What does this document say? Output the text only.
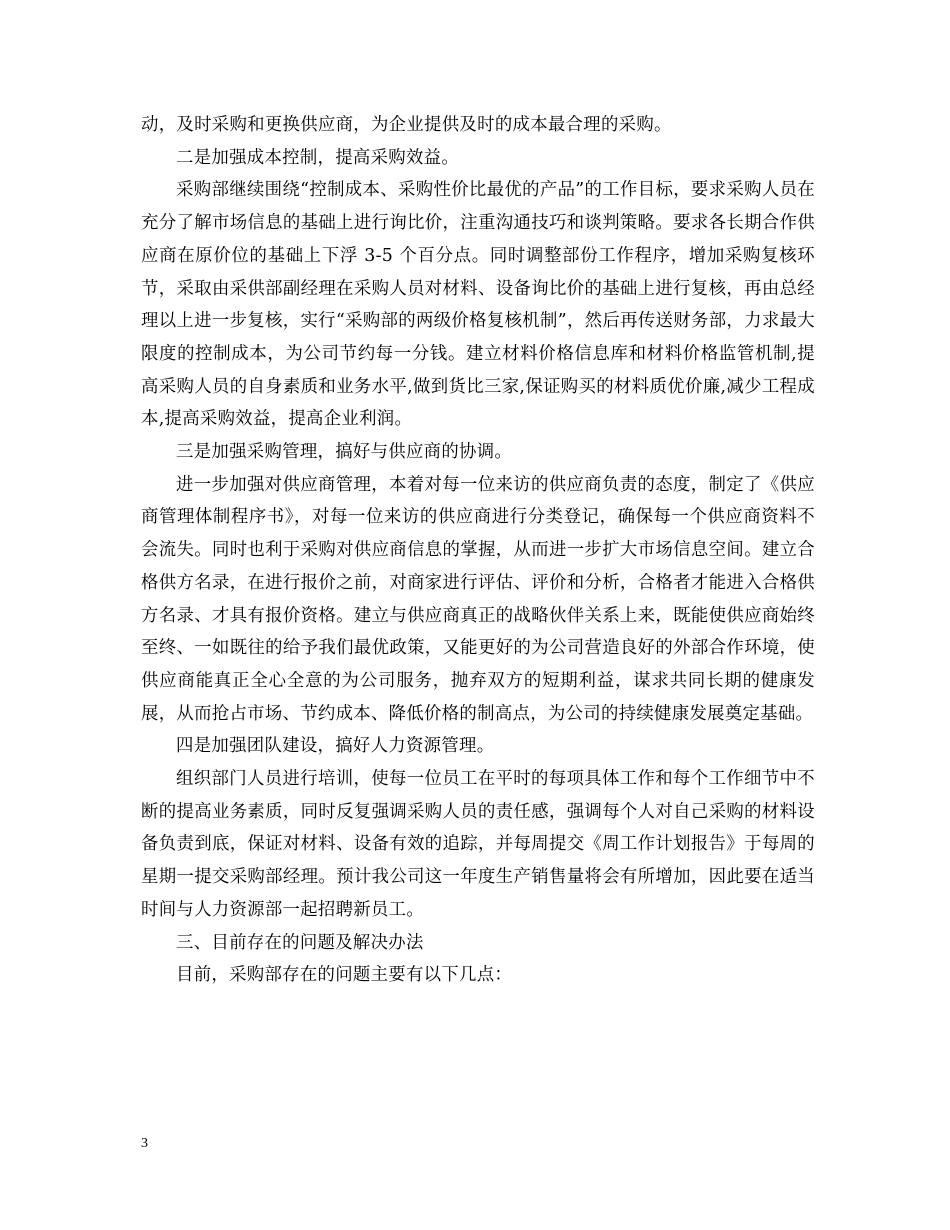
动，及时采购和更换供应商，为企业提供及时的成本最合理的采购。

二是加强成本控制，提高采购效益。

采购部继续围绕“控制成本、采购性价比最优的产品”的工作目标，要求采购人员在充分了解市场信息的基础上进行询比价，注重沟通技巧和谈判策略。要求各长期合作供应商在原价位的基础上下浮 3-5 个百分点。同时调整部份工作程序，增加采购复核环节，采取由采供部副经理在采购人员对材料、设备询比价的基础上进行复核，再由总经理以上进一步复核，实行“采购部的两级价格复核机制”，然后再传送财务部，力求最大限度的控制成本，为公司节约每一分钱。建立材料价格信息库和材料价格监管机制,提高采购人员的自身素质和业务水平,做到货比三家,保证购买的材料质优价廉,减少工程成本,提高采购效益，提高企业利润。

三是加强采购管理，搞好与供应商的协调。

进一步加强对供应商管理，本着对每一位来访的供应商负责的态度，制定了《供应商管理体制程序书》，对每一位来访的供应商进行分类登记，确保每一个供应商资料不会流失。同时也利于采购对供应商信息的掌握，从而进一步扩大市场信息空间。建立合格供方名录，在进行报价之前，对商家进行评估、评价和分析，合格者才能进入合格供方名录、才具有报价资格。建立与供应商真正的战略伙伴关系上来，既能使供应商始终至终、一如既往的给予我们最优政策，又能更好的为公司营造良好的外部合作环境，使供应商能真正全心全意的为公司服务，抛弃双方的短期利益，谋求共同长期的健康发展，从而抢占市场、节约成本、降低价格的制高点，为公司的持续健康发展奠定基础。

四是加强团队建设，搞好人力资源管理。

组织部门人员进行培训，使每一位员工在平时的每项具体工作和每个工作细节中不断的提高业务素质，同时反复强调采购人员的责任感，强调每个人对自己采购的材料设备负责到底，保证对材料、设备有效的追踪，并每周提交《周工作计划报告》于每周的星期一提交采购部经理。预计我公司这一年度生产销售量将会有所增加，因此要在适当时间与人力资源部一起招聘新员工。

三、目前存在的问题及解决办法

目前，采购部存在的问题主要有以下几点：

3
